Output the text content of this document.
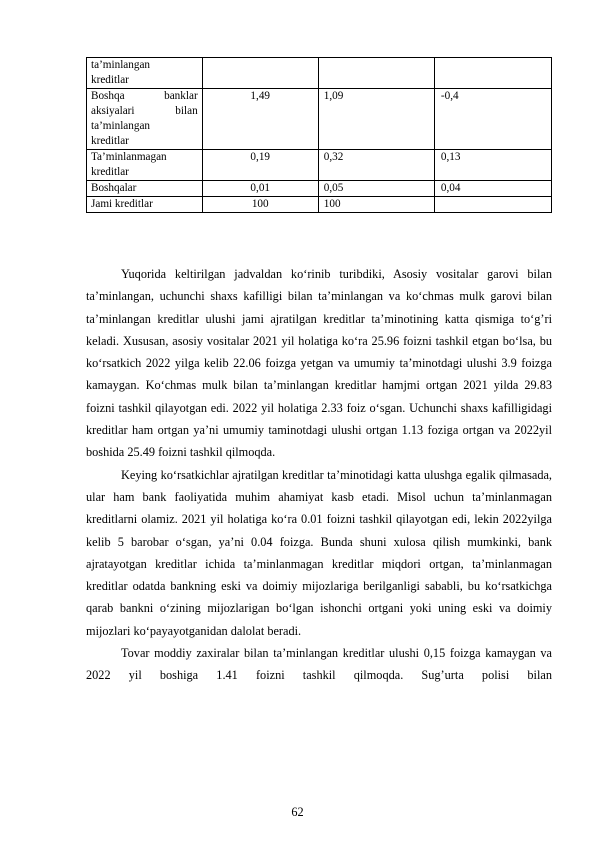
ta’minlangan
kreditlar			

Boshqa banklar
aksiyalari bilan
ta’minlangan
kreditlar	1,49	1,09	-0,4

Ta’minlanmagan
kreditlar	0,19	0,32	0,13

Boshqalar	0,01	0,05	0,04

Jami kreditlar	100	100	

Yuqorida keltirilgan jadvaldan ko‘rinib turibdiki, Asosiy vositalar garovi bilan ta’minlangan, uchunchi shaxs kafilligi bilan ta’minlangan va ko‘chmas mulk garovi bilan ta’minlangan kreditlar ulushi jami ajratilgan kreditlar ta’minotining katta qismiga to‘g’ri keladi. Xususan, asosiy vositalar 2021 yil holatiga ko‘ra 25.96 foizni tashkil etgan bo‘lsa, bu ko‘rsatkich 2022 yilga kelib 22.06 foizga yetgan va umumiy ta’minotdagi ulushi 3.9 foizga kamaygan. Ko‘chmas mulk bilan ta’minlangan kreditlar hamjmi ortgan 2021 yilda 29.83 foizni tashkil qilayotgan edi. 2022 yil holatiga 2.33 foiz o‘sgan. Uchunchi shaxs kafilligidagi kreditlar ham ortgan ya’ni umumiy taminotdagi ulushi ortgan 1.13 foziga ortgan va 2022yil boshida 25.49 foizni tashkil qilmoqda.

Keying ko‘rsatkichlar ajratilgan kreditlar ta’minotidagi katta ulushga egalik qilmasada, ular ham bank faoliyatida muhim ahamiyat kasb etadi. Misol uchun ta’minlanmagan kreditlarni olamiz. 2021 yil holatiga ko‘ra 0.01 foizni tashkil qilayotgan edi, lekin 2022yilga kelib 5 barobar o‘sgan, ya’ni 0.04 foizga. Bunda shuni xulosa qilish mumkinki, bank ajratayotgan kreditlar ichida ta’minlanmagan kreditlar miqdori ortgan, ta’minlanmagan kreditlar odatda bankning eski va doimiy mijozlariga berilganligi sababli, bu ko‘rsatkichga qarab bankni o‘zining mijozlarigan bo‘lgan ishonchi ortgani yoki uning eski va doimiy mijozlari ko‘payayotganidan dalolat beradi.

Tovar moddiy zaxiralar bilan ta’minlangan kreditlar ulushi 0,15 foizga kamaygan va 2022 yil boshiga 1.41 foizni tashkil qilmoqda. Sug’urta polisi bilan

62
